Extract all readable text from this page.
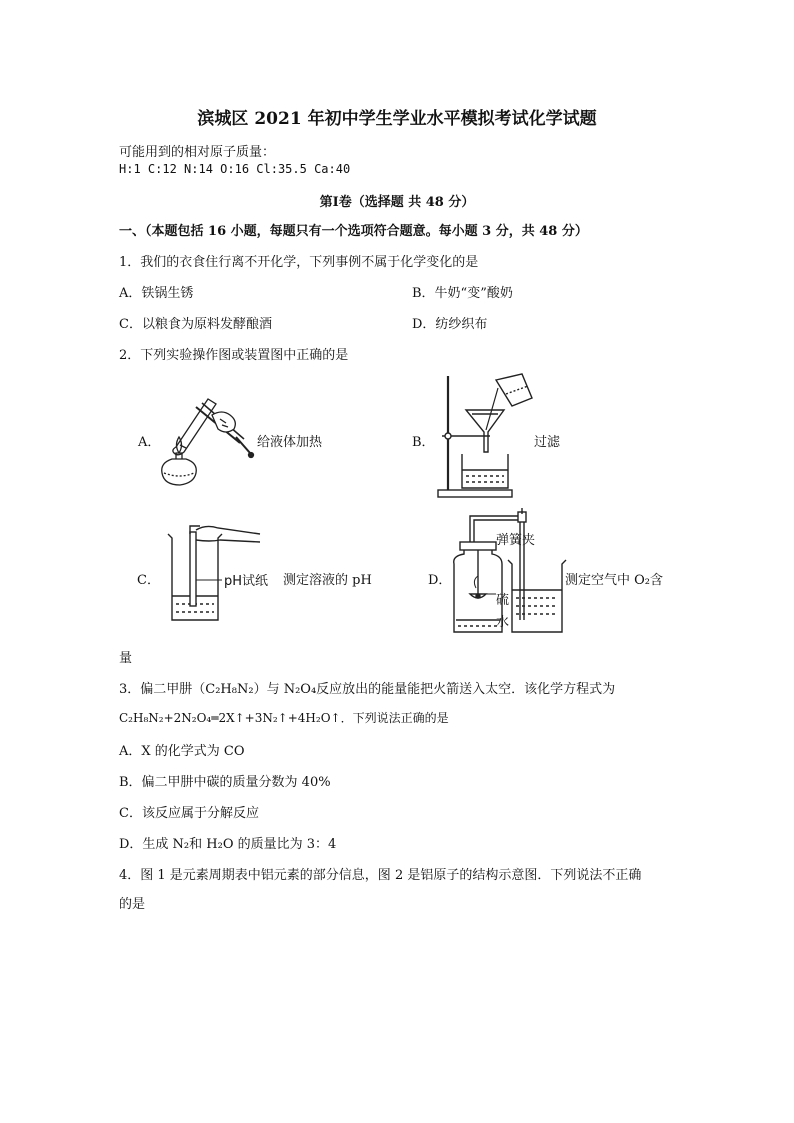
滨城区 2021 年初中学生学业水平模拟考试化学试题
可能用到的相对原子质量：
H:1 C:12 N:14 O:16 Cl:35.5 Ca:40
第Ⅰ卷（选择题 共 48 分）
一、（本题包括 16 小题，每题只有一个选项符合题意。每小题 3 分，共 48 分）
1．我们的衣食住行离不开化学，下列事例不属于化学变化的是
A．铁锅生锈	B．牛奶“变”酸奶
C．以粮食为原料发酵酿酒	D．纺纱织布
2．下列实验操作图或装置图中正确的是
A．	给液体加热	B．	过滤
C．	pH试纸 测定溶液的 pH	D．
弹簧夹
硫
水
测定空气中 O₂含
量
3．偏二甲肼（C₂H₈N₂）与 N₂O₄反应放出的能量能把火箭送入太空．该化学方程式为
C₂H₈N₂+2N₂O₄═2X↑+3N₂↑+4H₂O↑．下列说法正确的是
A．X 的化学式为 CO
B．偏二甲肼中碳的质量分数为 40%
C．该反应属于分解反应
D．生成 N₂和 H₂O 的质量比为 3：4
4．图 1 是元素周期表中铝元素的部分信息，图 2 是铝原子的结构示意图．下列说法不正确
的是
